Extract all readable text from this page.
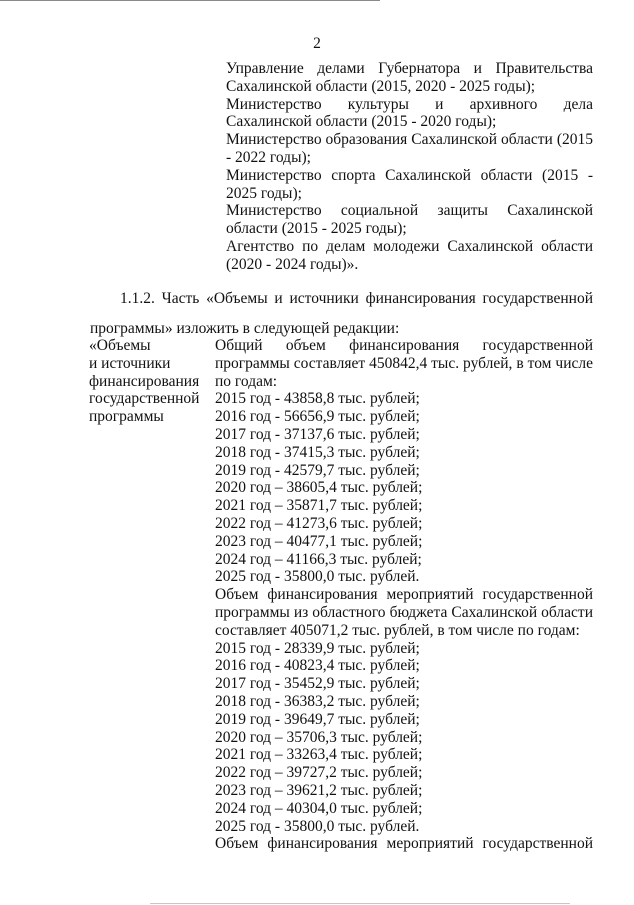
2
Управление делами Губернатора и Правительства Сахалинской области (2015, 2020 - 2025 годы);
Министерство культуры и архивного дела Сахалинской области (2015 - 2020 годы);
Министерство образования Сахалинской области (2015 - 2022 годы);
Министерство спорта Сахалинской области (2015 - 2025 годы);
Министерство социальной защиты Сахалинской области (2015 - 2025 годы);
Агентство по делам молодежи Сахалинской области (2020 - 2024 годы)».
1.1.2. Часть «Объемы и источники финансирования государственной программы» изложить в следующей редакции:
«Объемы
и источники
финансирования
государственной
программы
Общий объем финансирования государственной программы составляет 450842,4 тыс. рублей, в том числе по годам:
2015 год - 43858,8 тыс. рублей;
2016 год - 56656,9 тыс. рублей;
2017 год - 37137,6 тыс. рублей;
2018 год - 37415,3 тыс. рублей;
2019 год - 42579,7 тыс. рублей;
2020 год – 38605,4 тыс. рублей;
2021 год – 35871,7 тыс. рублей;
2022 год – 41273,6 тыс. рублей;
2023 год – 40477,1 тыс. рублей;
2024 год – 41166,3 тыс. рублей;
2025 год - 35800,0 тыс. рублей.
Объем финансирования мероприятий государственной программы из областного бюджета Сахалинской области составляет 405071,2 тыс. рублей, в том числе по годам:
2015 год - 28339,9 тыс. рублей;
2016 год - 40823,4 тыс. рублей;
2017 год - 35452,9 тыс. рублей;
2018 год - 36383,2 тыс. рублей;
2019 год - 39649,7 тыс. рублей;
2020 год – 35706,3 тыс. рублей;
2021 год – 33263,4 тыс. рублей;
2022 год – 39727,2 тыс. рублей;
2023 год – 39621,2 тыс. рублей;
2024 год – 40304,0 тыс. рублей;
2025 год - 35800,0 тыс. рублей.
Объем финансирования мероприятий государственной
